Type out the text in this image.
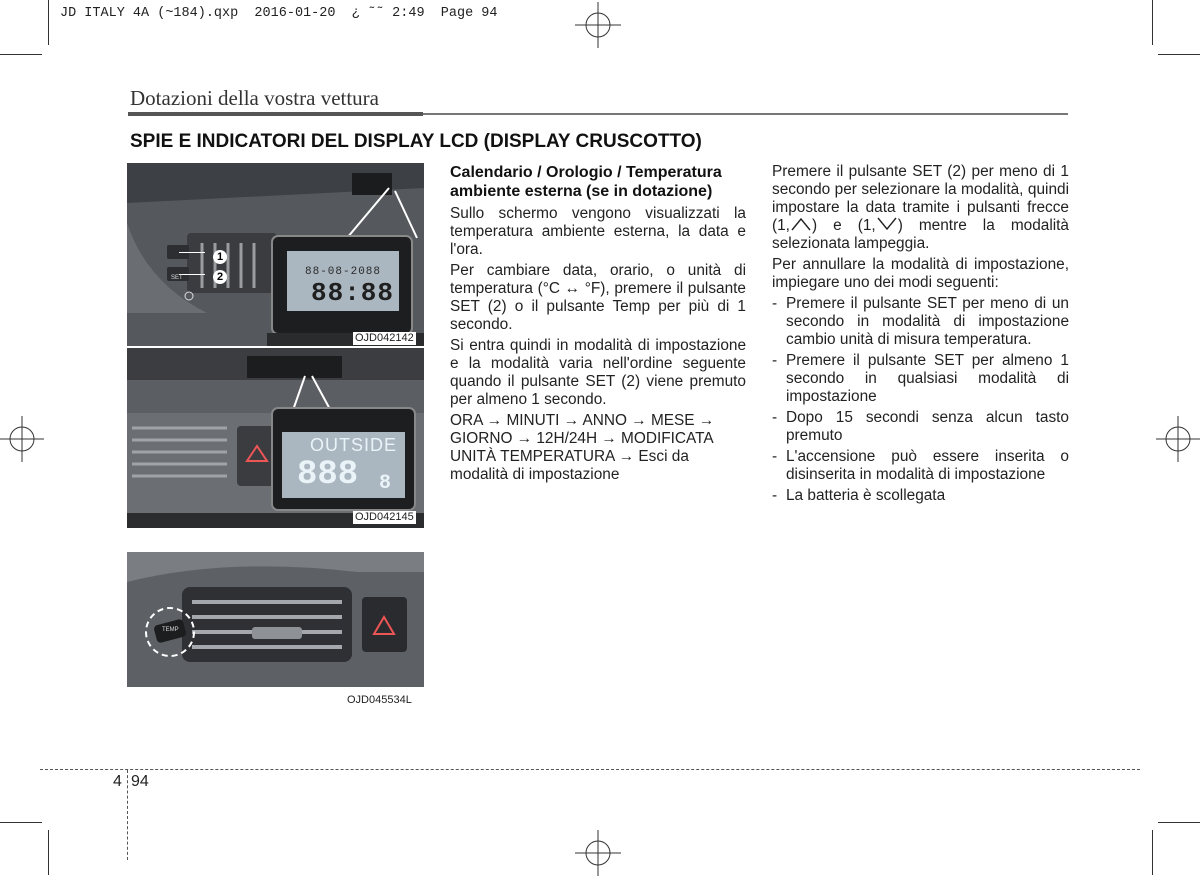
JD ITALY 4A (~184).qxp  2016-01-20  ¿ ˜˜ 2:49  Page 94
Dotazioni della vostra vettura
SPIE E INDICATORI DEL DISPLAY LCD (DISPLAY CRUSCOTTO)
1
2
SET	88-08-2088
88:88
OJD042142
OUTSIDE
888 8
OJD042145
TEMP
OJD045534L
Calendario / Orologio / Temperatura ambiente esterna (se in dotazione)

Sullo schermo vengono visualizzati la temperatura ambiente esterna, la data e l'ora.

Per cambiare data, orario, o unità di temperatura (°C ↔ °F), premere il pulsante SET (2) o il pulsante Temp per più di 1 secondo.

Si entra quindi in modalità di impostazione e la modalità varia nell'ordine seguente quando il pulsante SET (2) viene premuto per almeno 1 secondo.

ORA → MINUTI → ANNO → MESE → GIORNO → 12H/24H → MODIFICATA UNITÀ TEMPERATURA → Esci da modalità di impostazione

Premere il pulsante SET (2) per meno di 1 secondo per selezionare la modalità, quindi impostare la data tramite i pulsanti frecce (1, ) e (1, ) mentre la modalità selezionata lampeggia.

Per annullare la modalità di impostazione, impiegare uno dei modi seguenti:

- Premere il pulsante SET per meno di un secondo in modalità di impostazione cambio unità di misura temperatura.
- Premere il pulsante SET per almeno 1 secondo in qualsiasi modalità di impostazione
- Dopo 15 secondi senza alcun tasto premuto
- L'accensione può essere inserita o disinserita in modalità di impostazione
- La batteria è scollegata
4 94
